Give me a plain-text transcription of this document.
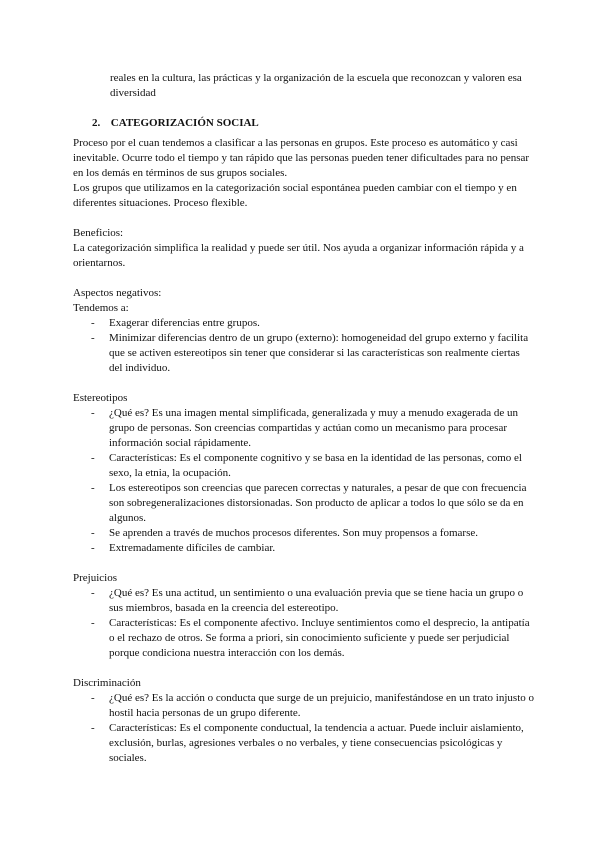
reales en la cultura, las prácticas y la organización de la escuela que reconozcan y valoren esa diversidad

2. CATEGORIZACIÓN SOCIAL

Proceso por el cuan tendemos a clasificar a las personas en grupos. Este proceso es automático y casi inevitable. Ocurre todo el tiempo y tan rápido que las personas pueden tener dificultades para no pensar en los demás en términos de sus grupos sociales.

Los grupos que utilizamos en la categorización social espontánea pueden cambiar con el tiempo y en diferentes situaciones. Proceso flexible.

Beneficios:

La categorización simplifica la realidad y puede ser útil. Nos ayuda a organizar información rápida y a orientarnos.

Aspectos negativos:

Tendemos a:

- Exagerar diferencias entre grupos.
- Minimizar diferencias dentro de un grupo (externo): homogeneidad del grupo externo y facilita que se activen estereotipos sin tener que considerar si las características son realmente ciertas del individuo.

Estereotipos

- ¿Qué es? Es una imagen mental simplificada, generalizada y muy a menudo exagerada de un grupo de personas. Son creencias compartidas y actúan como un mecanismo para procesar información social rápidamente.
- Características: Es el componente cognitivo y se basa en la identidad de las personas, como el sexo, la etnia, la ocupación.
- Los estereotipos son creencias que parecen correctas y naturales, a pesar de que con frecuencia son sobregeneralizaciones distorsionadas. Son producto de aplicar a todos lo que sólo se da en algunos.
- Se aprenden a través de muchos procesos diferentes. Son muy propensos a fomarse.
- Extremadamente difíciles de cambiar.

Prejuicios

- ¿Qué es? Es una actitud, un sentimiento o una evaluación previa que se tiene hacia un grupo o sus miembros, basada en la creencia del estereotipo.
- Características: Es el componente afectivo. Incluye sentimientos como el desprecio, la antipatía o el rechazo de otros. Se forma a priori, sin conocimiento suficiente y puede ser perjudicial porque condiciona nuestra interacción con los demás.

Discriminación

- ¿Qué es? Es la acción o conducta que surge de un prejuicio, manifestándose en un trato injusto o hostil hacia personas de un grupo diferente.
- Características: Es el componente conductual, la tendencia a actuar. Puede incluir aislamiento, exclusión, burlas, agresiones verbales o no verbales, y tiene consecuencias psicológicas y sociales.
